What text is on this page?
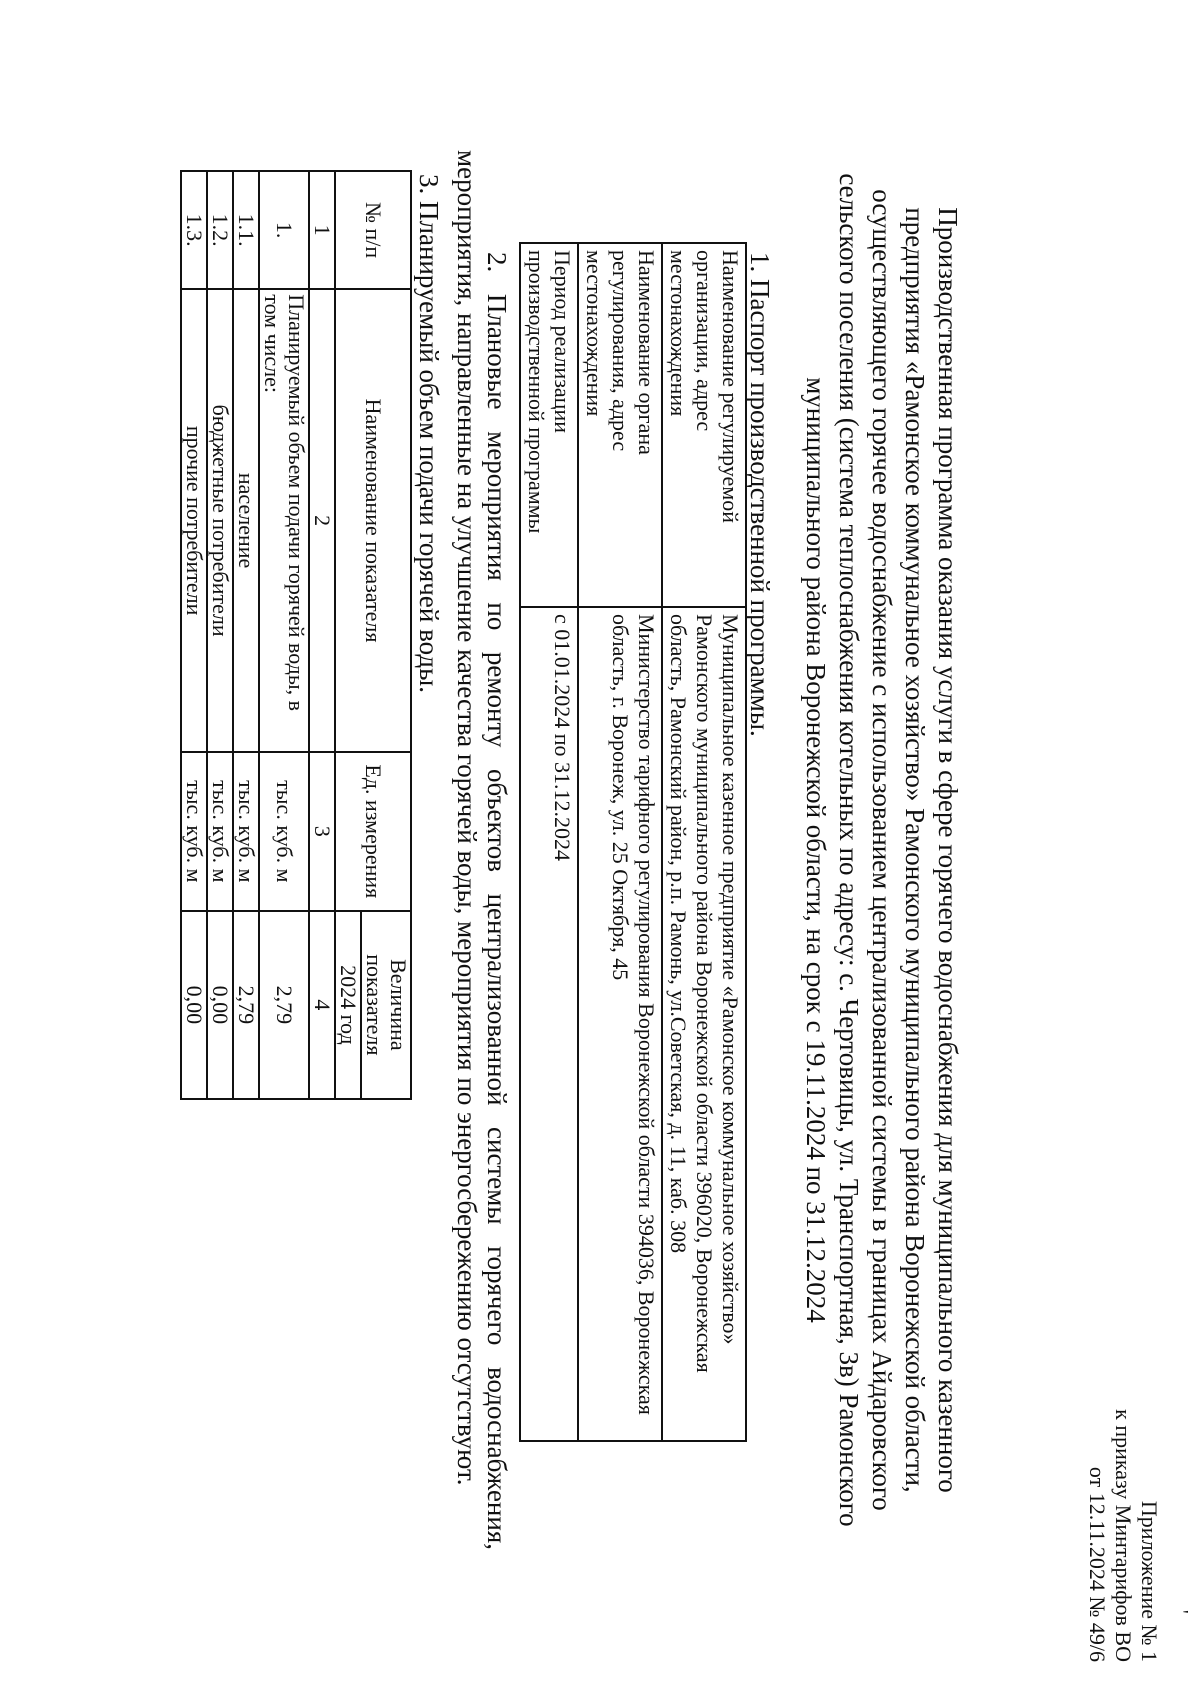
'
Приложение № 1
к приказу Минтарифов ВО
от 12.11.2024 № 49/6
Производственная программа оказания услуги в сфере горячего водоснабжения для муниципального казенного предприятия «Рамонское коммунальное хозяйство» Рамонского муниципального района Воронежской области, осуществляющего горячее водоснабжение с использованием централизованной системы в границах Айдаровского сельского поселения (система теплоснабжения котельных по адресу: с. Чертовицы, ул. Транспортная, 3в) Рамонского муниципального района Воронежской области, на срок с 19.11.2024 по 31.12.2024
1. Паспорт производственной программы.
Наименование регулируемой организации, адрес местонахождения	Муниципальное казенное предприятие «Рамонское коммунальное хозяйство» Рамонского муниципального района Воронежской области 396020, Воронежская область, Рамонский район, р.п. Рамонь, ул.Советская, д. 11, каб. 308
Наименование органа регулирования, адрес местонахождения	Министерство тарифного регулирования Воронежской области 394036, Воронежская область, г. Воронеж, ул. 25 Октября, 45
Период реализации производственной программы	с 01.01.2024 по 31.12.2024
2. Плановые мероприятия по ремонту объектов централизованной системы горячего водоснабжения, мероприятия, направленные на улучшение качества горячей воды, мероприятия по энергосбережению отсутствуют.
3. Планируемый объем подачи горячей воды.
№ п/п	Наименование показателя	Ед. измерения	Величина показателя
			2024 год
1	2	3	4
1.	Планируемый объем подачи горячей воды, в том числе:	тыс. куб. м	2,79
1.1.	население	тыс. куб. м	2,79
1.2.	бюджетные потребители	тыс. куб. м	0,00
1.3.	прочие потребители	тыс. куб. м	0,00
